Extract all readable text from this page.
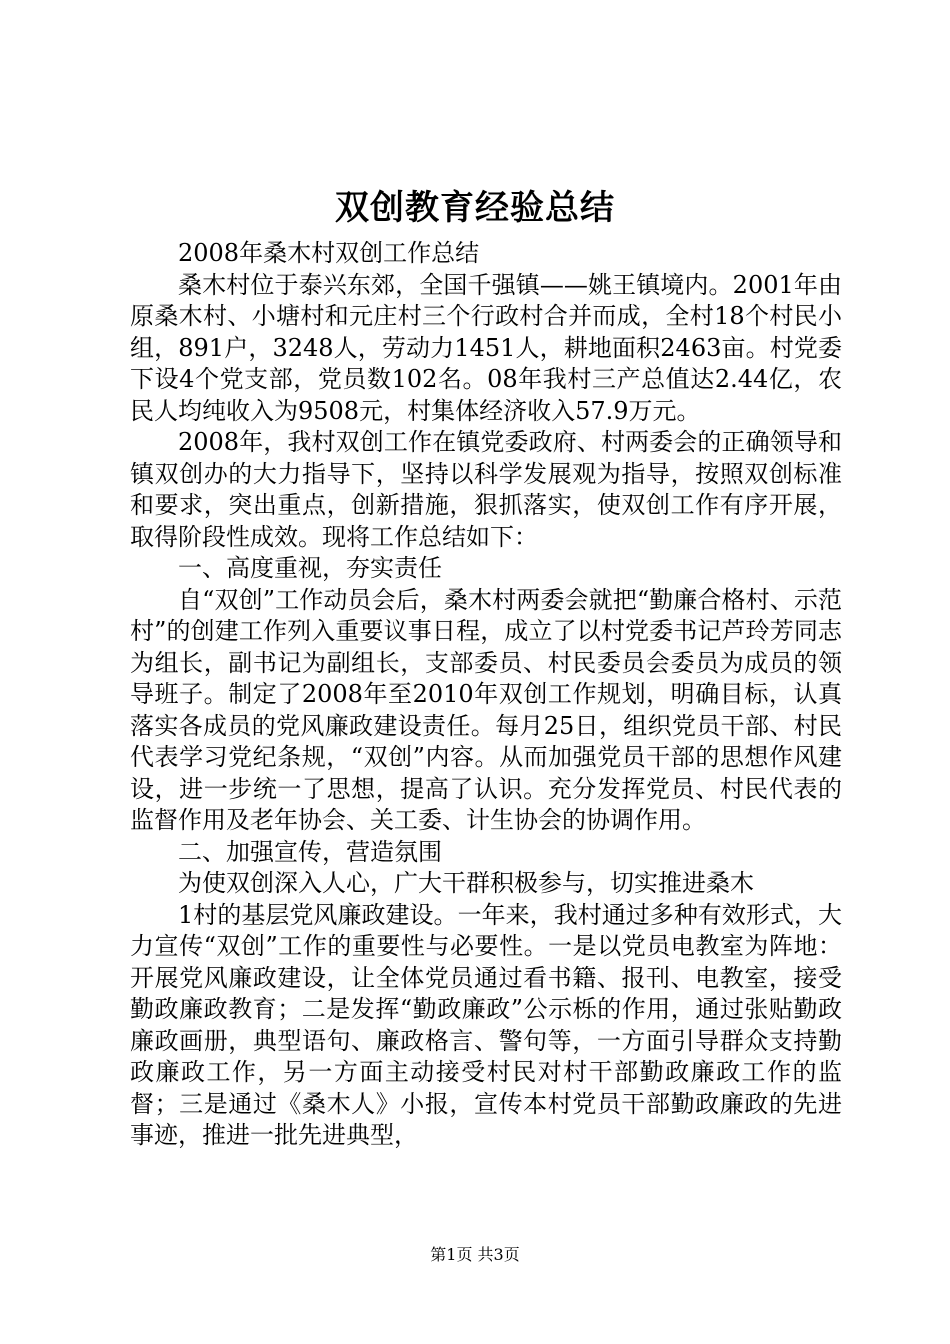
双创教育经验总结

2008年桑木村双创工作总结

桑木村位于泰兴东郊，全国千强镇——姚王镇境内。2001年由原桑木村、小塘村和元庄村三个行政村合并而成，全村18个村民小组，891户，3248人，劳动力1451人，耕地面积2463亩。村党委下设4个党支部，党员数102名。08年我村三产总值达2.44亿，农民人均纯收入为9508元，村集体经济收入57.9万元。

2008年，我村双创工作在镇党委政府、村两委会的正确领导和镇双创办的大力指导下，坚持以科学发展观为指导，按照双创标准和要求，突出重点，创新措施，狠抓落实，使双创工作有序开展，取得阶段性成效。现将工作总结如下：

一、高度重视，夯实责任

自“双创”工作动员会后，桑木村两委会就把“勤廉合格村、示范村”的创建工作列入重要议事日程，成立了以村党委书记芦玲芳同志为组长，副书记为副组长，支部委员、村民委员会委员为成员的领导班子。制定了2008年至2010年双创工作规划，明确目标，认真落实各成员的党风廉政建设责任。每月25日，组织党员干部、村民代表学习党纪条规，“双创”内容。从而加强党员干部的思想作风建设，进一步统一了思想，提高了认识。充分发挥党员、村民代表的监督作用及老年协会、关工委、计生协会的协调作用。

二、加强宣传，营造氛围

为使双创深入人心，广大干群积极参与，切实推进桑木

1村的基层党风廉政建设。一年来，我村通过多种有效形式，大力宣传“双创”工作的重要性与必要性。一是以党员电教室为阵地：开展党风廉政建设，让全体党员通过看书籍、报刊、电教室，接受勤政廉政教育；二是发挥“勤政廉政”公示栎的作用，通过张贴勤政廉政画册，典型语句、廉政格言、警句等，一方面引导群众支持勤政廉政工作，另一方面主动接受村民对村干部勤政廉政工作的监督；三是通过《桑木人》小报，宣传本村党员干部勤政廉政的先进事迹，推进一批先进典型，

第1页 共3页
